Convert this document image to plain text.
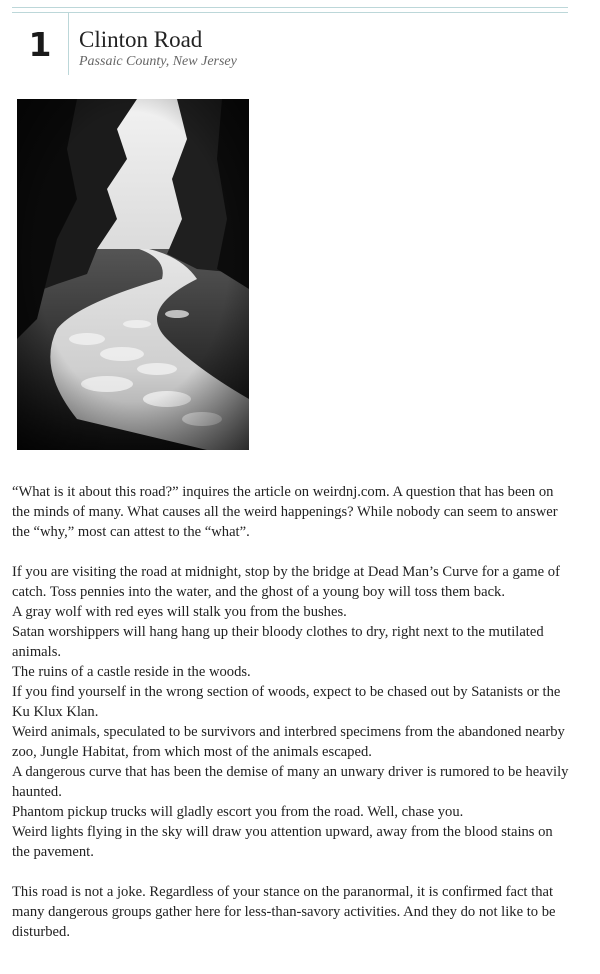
1	Clinton Road
Passaic County, New Jersey

“What is it about this road?” inquires the article on weirdnj.com. A question that has been on the minds of many. What causes all the weird happenings? While nobody can seem to answer the “why,” most can attest to the “what”.

If you are visiting the road at midnight, stop by the bridge at Dead Man’s Curve for a game of catch. Toss pennies into the water, and the ghost of a young boy will toss them back.

A gray wolf with red eyes will stalk you from the bushes.

Satan worshippers will hang hang up their bloody clothes to dry, right next to the mutilated animals.

The ruins of a castle reside in the woods.

If you find yourself in the wrong section of woods, expect to be chased out by Satanists or the Ku Klux Klan.

Weird animals, speculated to be survivors and interbred specimens from the abandoned nearby zoo, Jungle Habitat, from which most of the animals escaped.

A dangerous curve that has been the demise of many an unwary driver is rumored to be heavily haunted.

Phantom pickup trucks will gladly escort you from the road. Well, chase you.

Weird lights flying in the sky will draw you attention upward, away from the blood stains on the pavement.

This road is not a joke. Regardless of your stance on the paranormal, it is confirmed fact that many dangerous groups gather here for less-than-savory activities. And they do not like to be disturbed.
